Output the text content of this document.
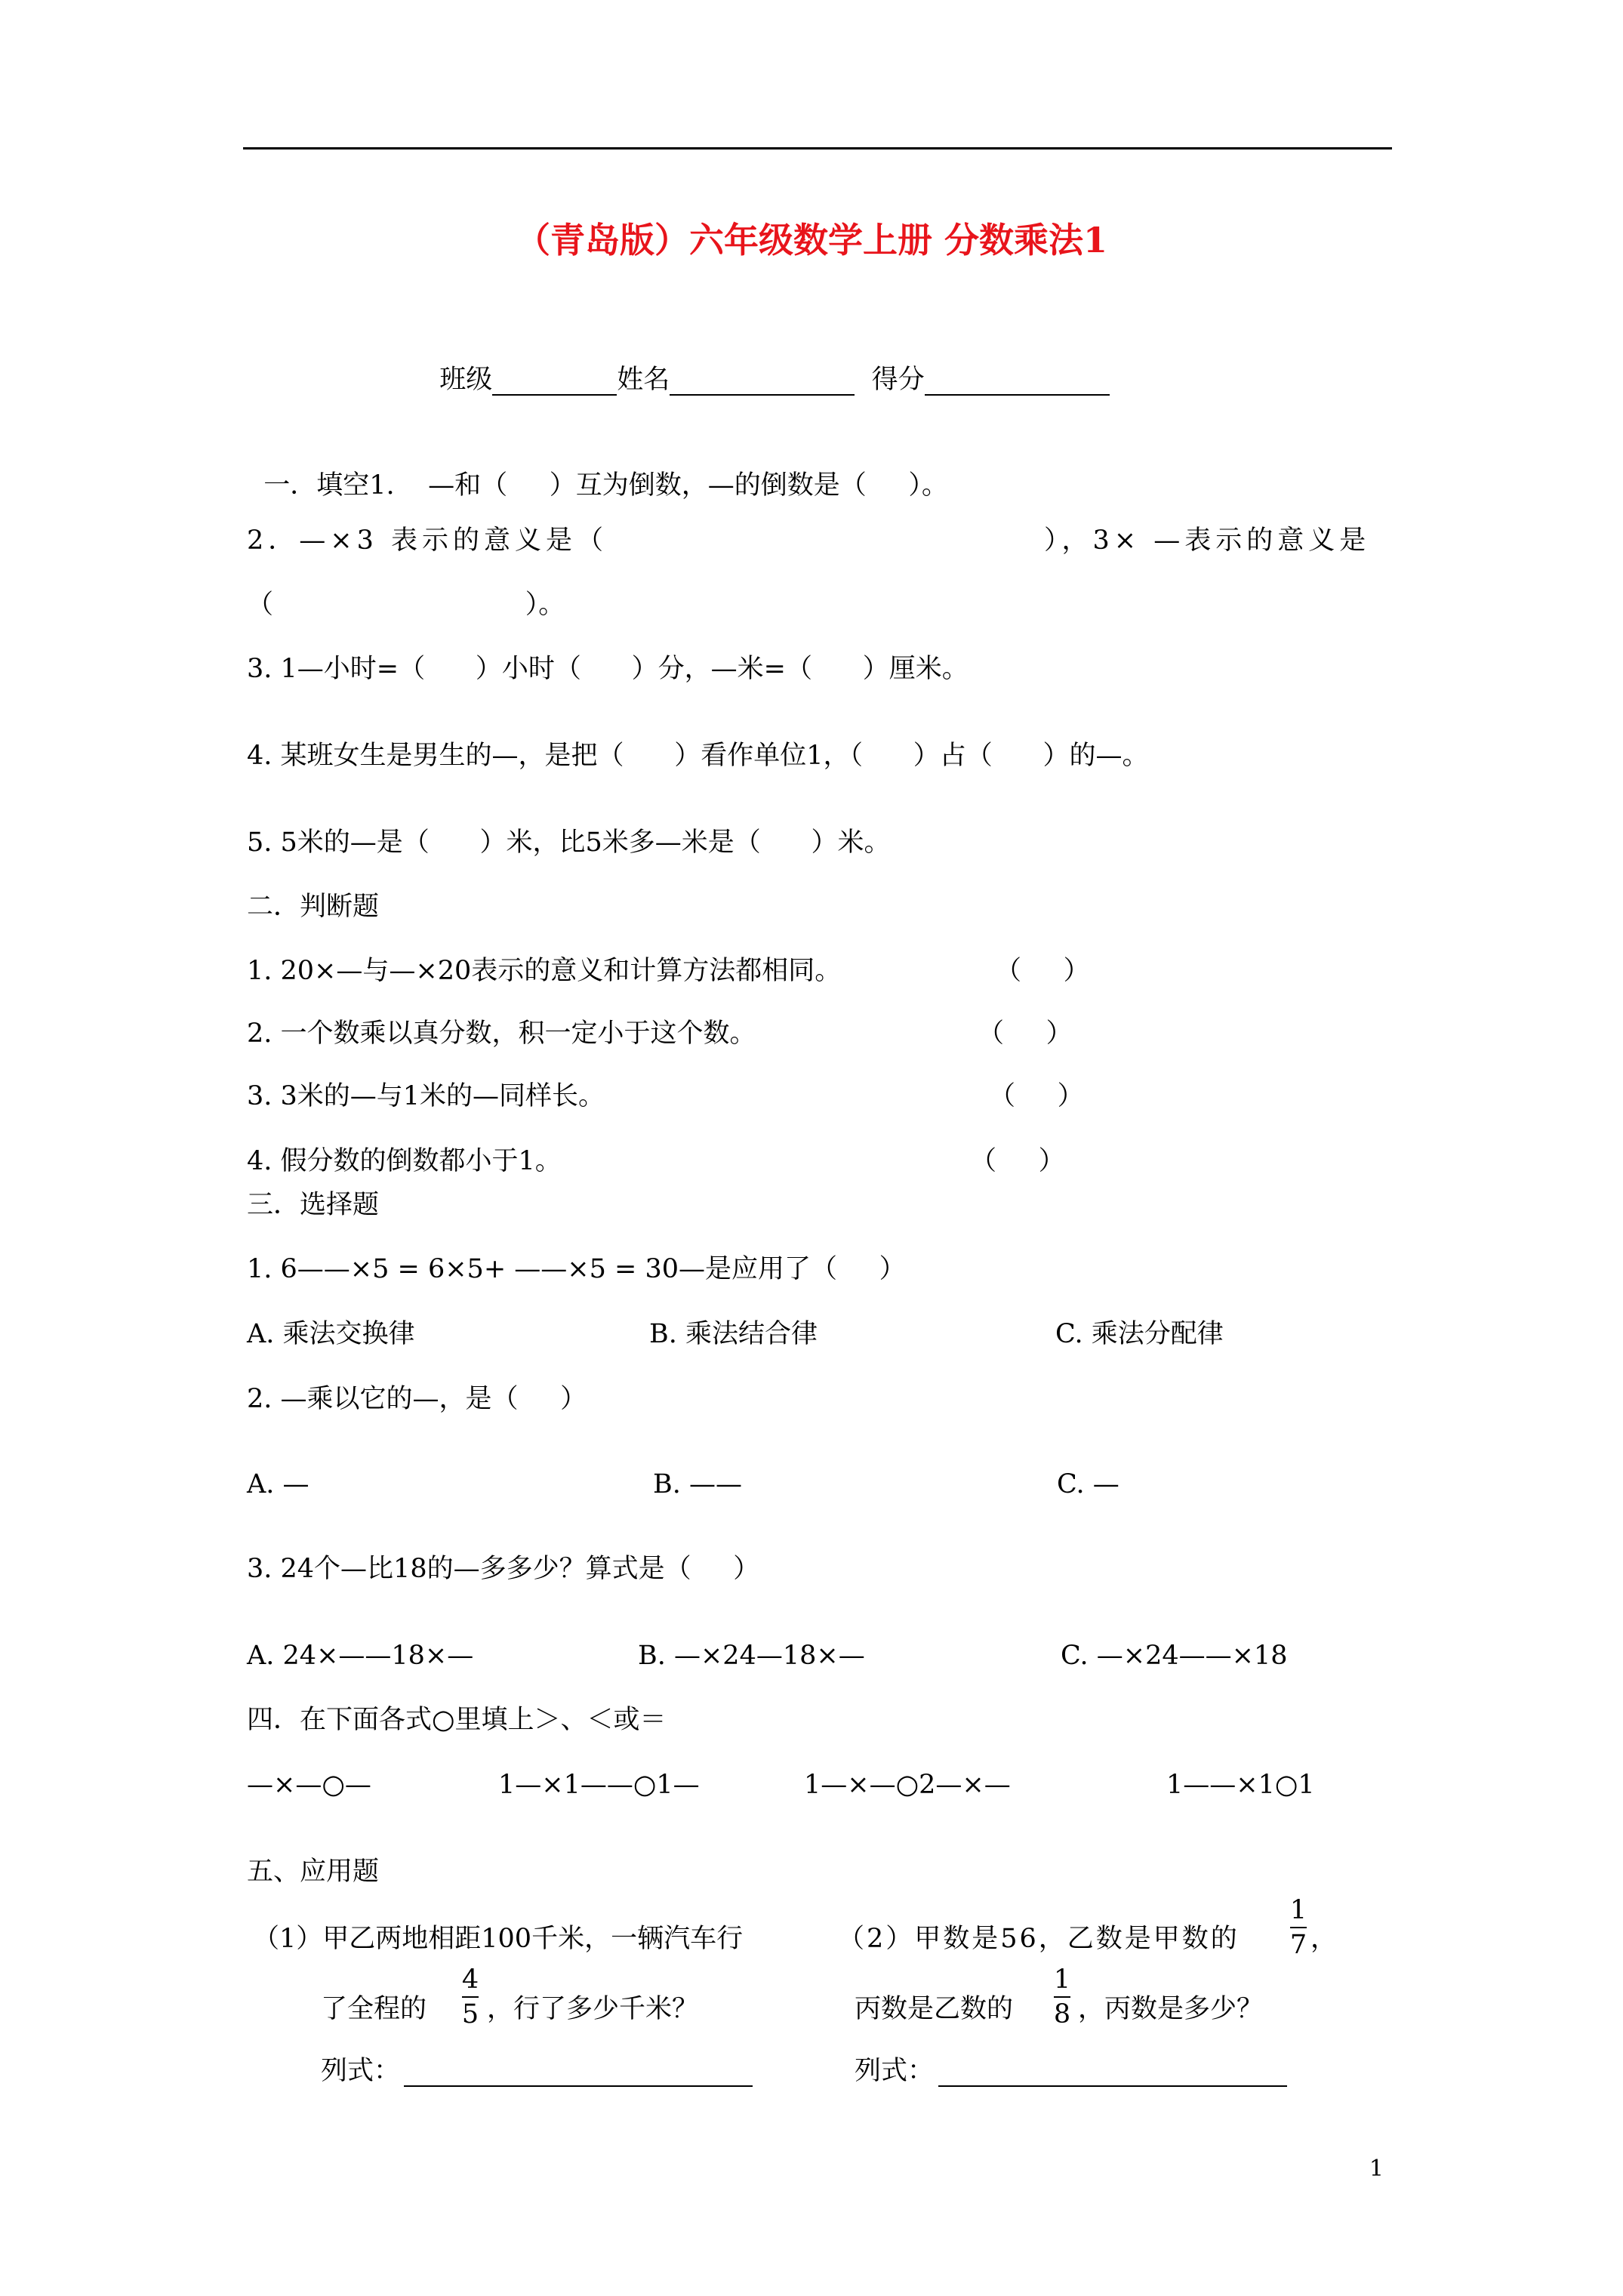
（青岛版）六年级数学上册 分数乘法1

班级	姓名	得分

一．填空1.    —和（     ）互为倒数，—的倒数是（     ）。

2．—×3 表示的意义是（	），3× —表示的意义是
（                              ）。
3. 1—小时=（      ）小时（      ）分，—米=（      ）厘米。
4. 某班女生是男生的—，是把（      ）看作单位1，（      ）占（      ）的—。
5. 5米的—是（      ）米，比5米多—米是（      ）米。
二．判断题
1. 20×—与—×20表示的意义和计算方法都相同。	（     ）
2. 一个数乘以真分数，积一定小于这个数。	（     ）
3. 3米的—与1米的—同样长。	（     ）
4. 假分数的倒数都小于1。	（     ）
三．选择题
1. 6——×5 = 6×5+ ——×5 = 30—是应用了（     ）
A. 乘法交换律	B. 乘法结合律	C. 乘法分配律
2. —乘以它的—，是（     ）
A. —	B. ——	C. —
3. 24个—比18的—多多少？算式是（     ）
A. 24×——18×—	B. —×24—18×—	C. —×24——×18
四．在下面各式○里填上＞、＜或＝
—×—○—	1—×1——○1—	1—×—○2—×—	1——×1○1
五、应用题
（1）甲乙两地相距100千米，一辆汽车行
了全程的
4
5 ，行了多少千米？
列式：
（2）甲数是56，乙数是甲数的
1
7 ，
丙数是乙数的
1
8 ，丙数是多少？
列式：
1
